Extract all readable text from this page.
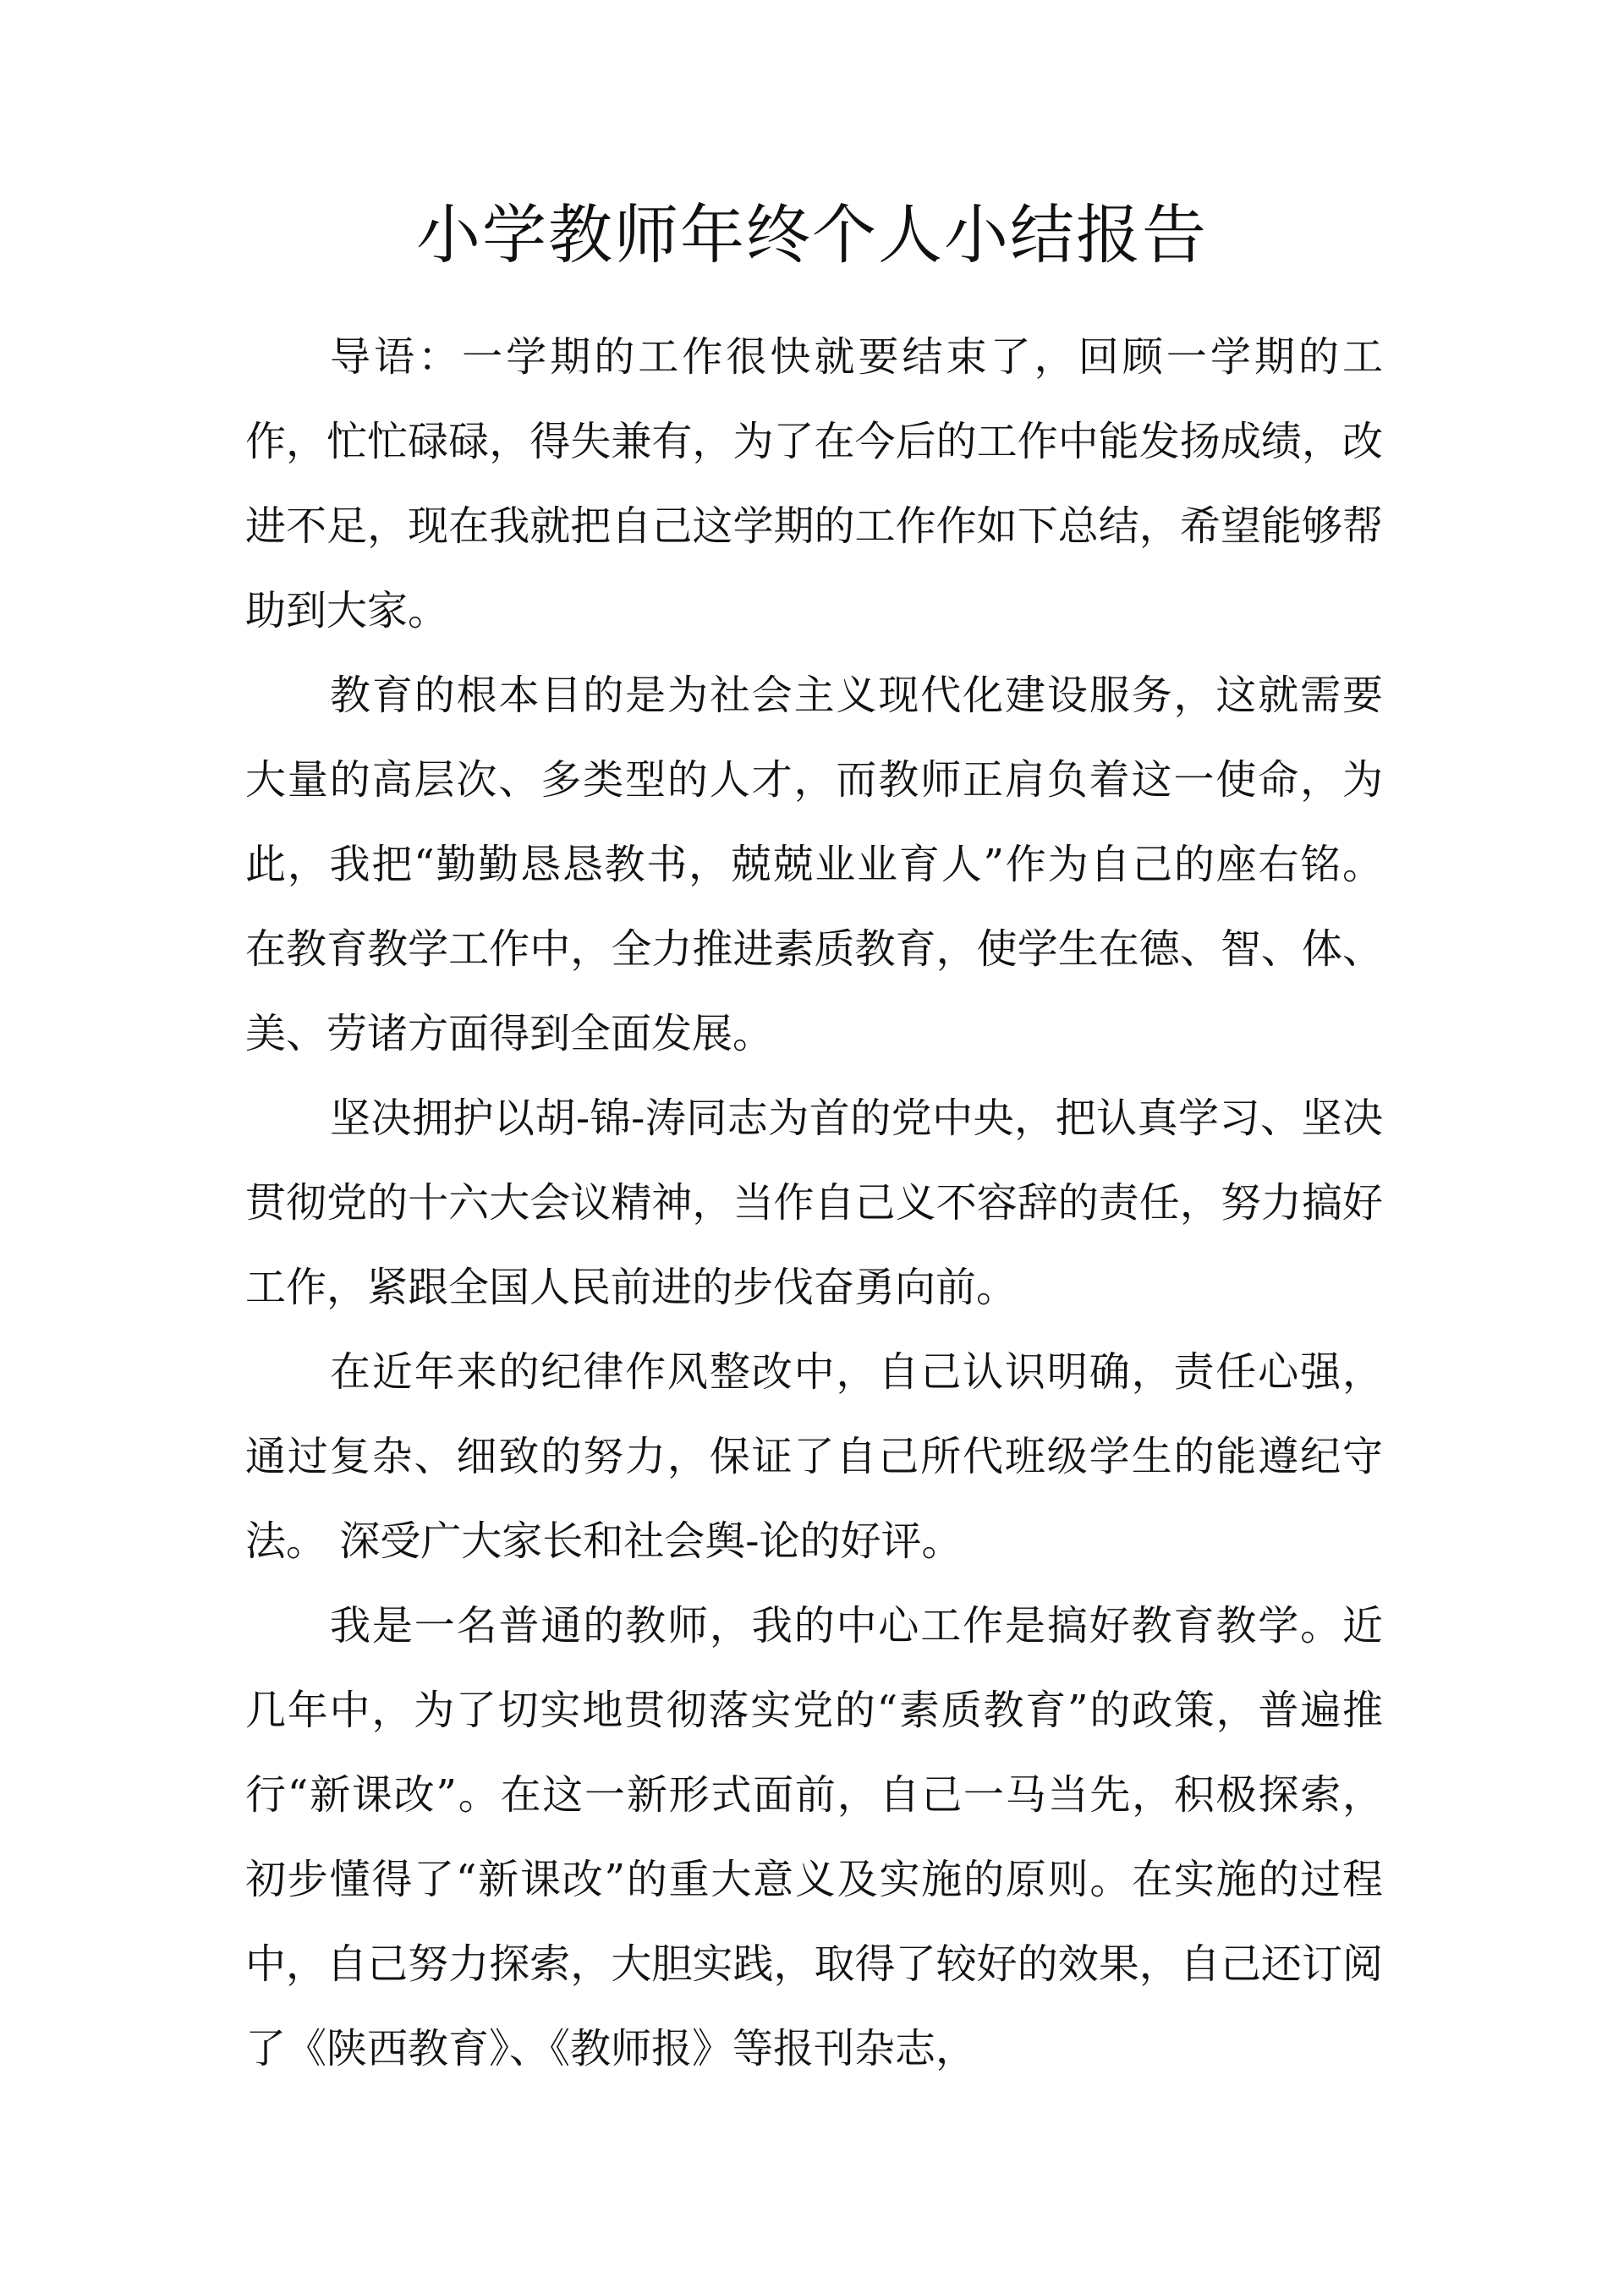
小学教师年终个人小结报告

导语：一学期的工作很快就要结束了，回顾一学期的工作，忙忙碌碌，得失兼有，为了在今后的工作中能发扬成绩，改进不足，现在我就把自己这学期的工作作如下总结，希望能够帮助到大家。

教育的根本目的是为社会主义现代化建设服务，这就需要大量的高层次、多类型的人才，而教师正肩负着这一使命，为此，我把“勤勤恳恳教书，兢兢业业育人”作为自己的座右铭。在教育教学工作中，全力推进素质教育，使学生在德、智、体、美、劳诸方面得到全面发展。

坚决拥护以胡-锦-涛同志为首的党中央，把认真学习、坚决贯彻党的十六大会议精神，当作自己义不容辞的责任，努力搞好工作，紧跟全国人民前进的步伐奋勇向前。

在近年来的纪律作风整改中，自己认识明确，责任心强，通过复杂、细致的努力，保证了自己所代班级学生的能遵纪守法。 深受广大家长和社会舆-论的好评。

我是一名普通的教师，我的中心工作是搞好教育教学。近几年中，为了切实地贯彻落实党的“素质教育”的政策，普遍推行“新课改”。在这一新形式面前，自己一马当先，积极探索，初步懂得了“新课改”的重大意义及实施的原则。在实施的过程中，自己努力探索，大胆实践，取得了较好的效果，自己还订阅了《陕西教育》、《教师报》等报刊杂志，
